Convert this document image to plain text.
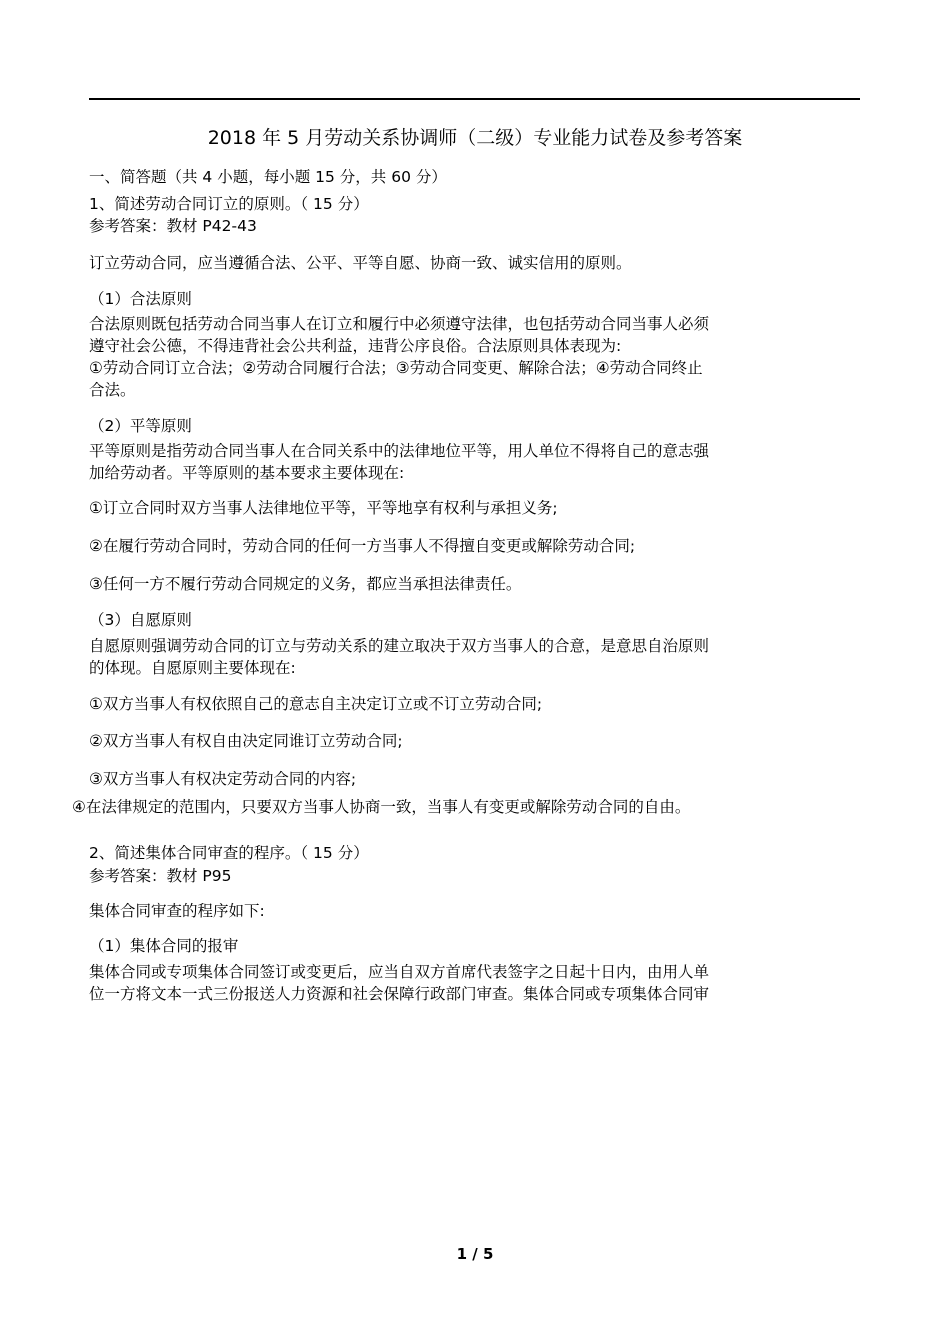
2018 年 5 月劳动关系协调师（二级）专业能力试卷及参考答案
一、简答题（共 4 小题，每小题 15 分，共 60 分）
1、简述劳动合同订立的原则。（ 15 分）
参考答案：教材 P42-43
订立劳动合同，应当遵循合法、公平、平等自愿、协商一致、诚实信用的原则。
（1）合法原则
合法原则既包括劳动合同当事人在订立和履行中必须遵守法律，也包括劳动合同当事人必须
遵守社会公德，不得违背社会公共利益，违背公序良俗。合法原则具体表现为:
①劳动合同订立合法；②劳动合同履行合法；③劳动合同变更、解除合法；④劳动合同终止
合法。
（2）平等原则
平等原则是指劳动合同当事人在合同关系中的法律地位平等，用人单位不得将自己的意志强
加给劳动者。平等原则的基本要求主要体现在:
①订立合同时双方当事人法律地位平等，平等地享有权利与承担义务;
②在履行劳动合同时，劳动合同的任何一方当事人不得擅自变更或解除劳动合同;
③任何一方不履行劳动合同规定的义务，都应当承担法律责任。
（3）自愿原则
自愿原则强调劳动合同的订立与劳动关系的建立取决于双方当事人的合意，是意思自治原则
的体现。自愿原则主要体现在:
①双方当事人有权依照自己的意志自主决定订立或不订立劳动合同;
②双方当事人有权自由决定同谁订立劳动合同;
③双方当事人有权决定劳动合同的内容;
④在法律规定的范围内，只要双方当事人协商一致，当事人有变更或解除劳动合同的自由。
2、简述集体合同审查的程序。（ 15 分）
参考答案：教材 P95
集体合同审查的程序如下:
（1）集体合同的报审
集体合同或专项集体合同签订或变更后，应当自双方首席代表签字之日起十日内，由用人单
位一方将文本一式三份报送人力资源和社会保障行政部门审查。集体合同或专项集体合同审
1 / 5
